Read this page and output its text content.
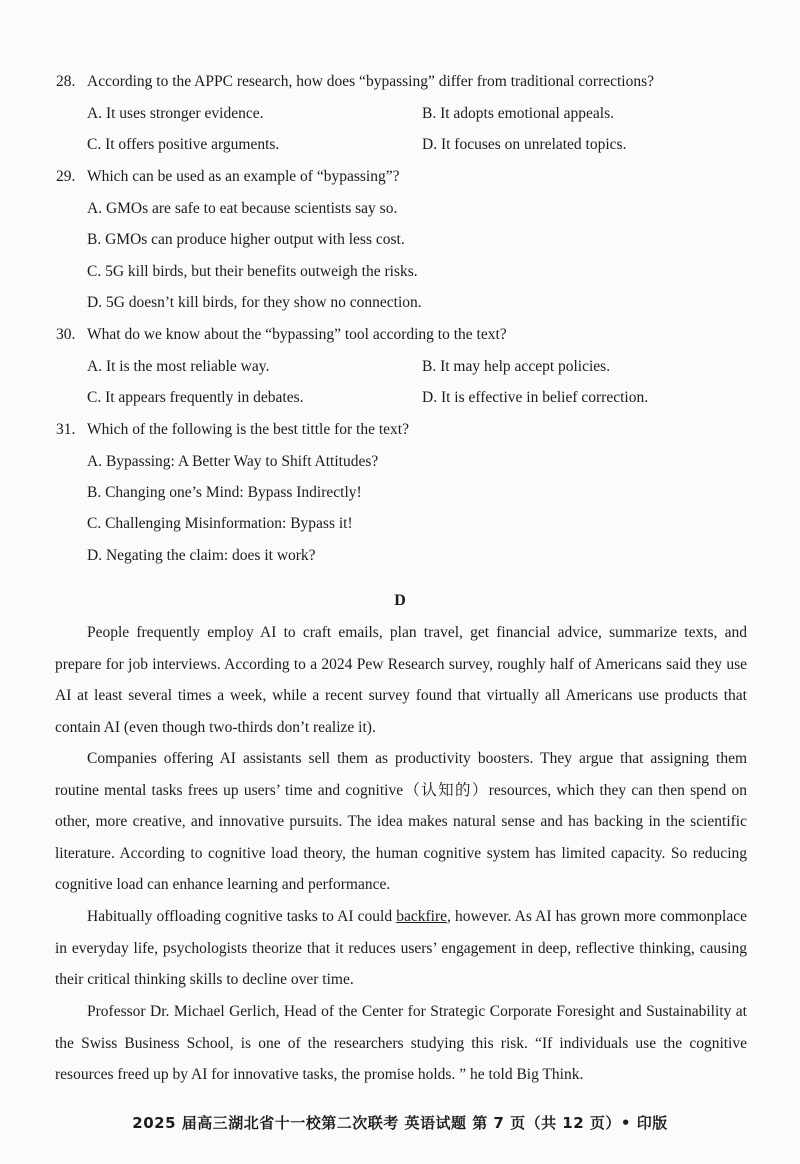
28. According to the APPC research, how does “bypassing” differ from traditional corrections?
A. It uses stronger evidence.	B. It adopts emotional appeals.
C. It offers positive arguments.	D. It focuses on unrelated topics.
29. Which can be used as an example of “bypassing”?
A. GMOs are safe to eat because scientists say so.
B. GMOs can produce higher output with less cost.
C. 5G kill birds, but their benefits outweigh the risks.
D. 5G doesn’t kill birds, for they show no connection.
30. What do we know about the “bypassing” tool according to the text?
A. It is the most reliable way.	B. It may help accept policies.
C. It appears frequently in debates.	D. It is effective in belief correction.
31. Which of the following is the best tittle for the text?
A. Bypassing: A Better Way to Shift Attitudes?
B. Changing one’s Mind: Bypass Indirectly!
C. Challenging Misinformation: Bypass it!
D. Negating the claim: does it work?
D

People frequently employ AI to craft emails, plan travel, get financial advice, summarize texts, and prepare for job interviews. According to a 2024 Pew Research survey, roughly half of Americans said they use AI at least several times a week, while a recent survey found that virtually all Americans use products that contain AI (even though two-thirds don’t realize it).

Companies offering AI assistants sell them as productivity boosters. They argue that assigning them routine mental tasks frees up users’ time and cognitive（认知的）resources, which they can then spend on other, more creative, and innovative pursuits. The idea makes natural sense and has backing in the scientific literature. According to cognitive load theory, the human cognitive system has limited capacity. So reducing cognitive load can enhance learning and performance.

Habitually offloading cognitive tasks to AI could backfire, however. As AI has grown more commonplace in everyday life, psychologists theorize that it reduces users’ engagement in deep, reflective thinking, causing their critical thinking skills to decline over time.

Professor Dr. Michael Gerlich, Head of the Center for Strategic Corporate Foresight and Sustainability at the Swiss Business School, is one of the researchers studying this risk. “If individuals use the cognitive resources freed up by AI for innovative tasks, the promise holds. ” he told Big Think.

2025 届高三湖北省十一校第二次联考 英语试题 第 7 页（共 12 页）• 印版
